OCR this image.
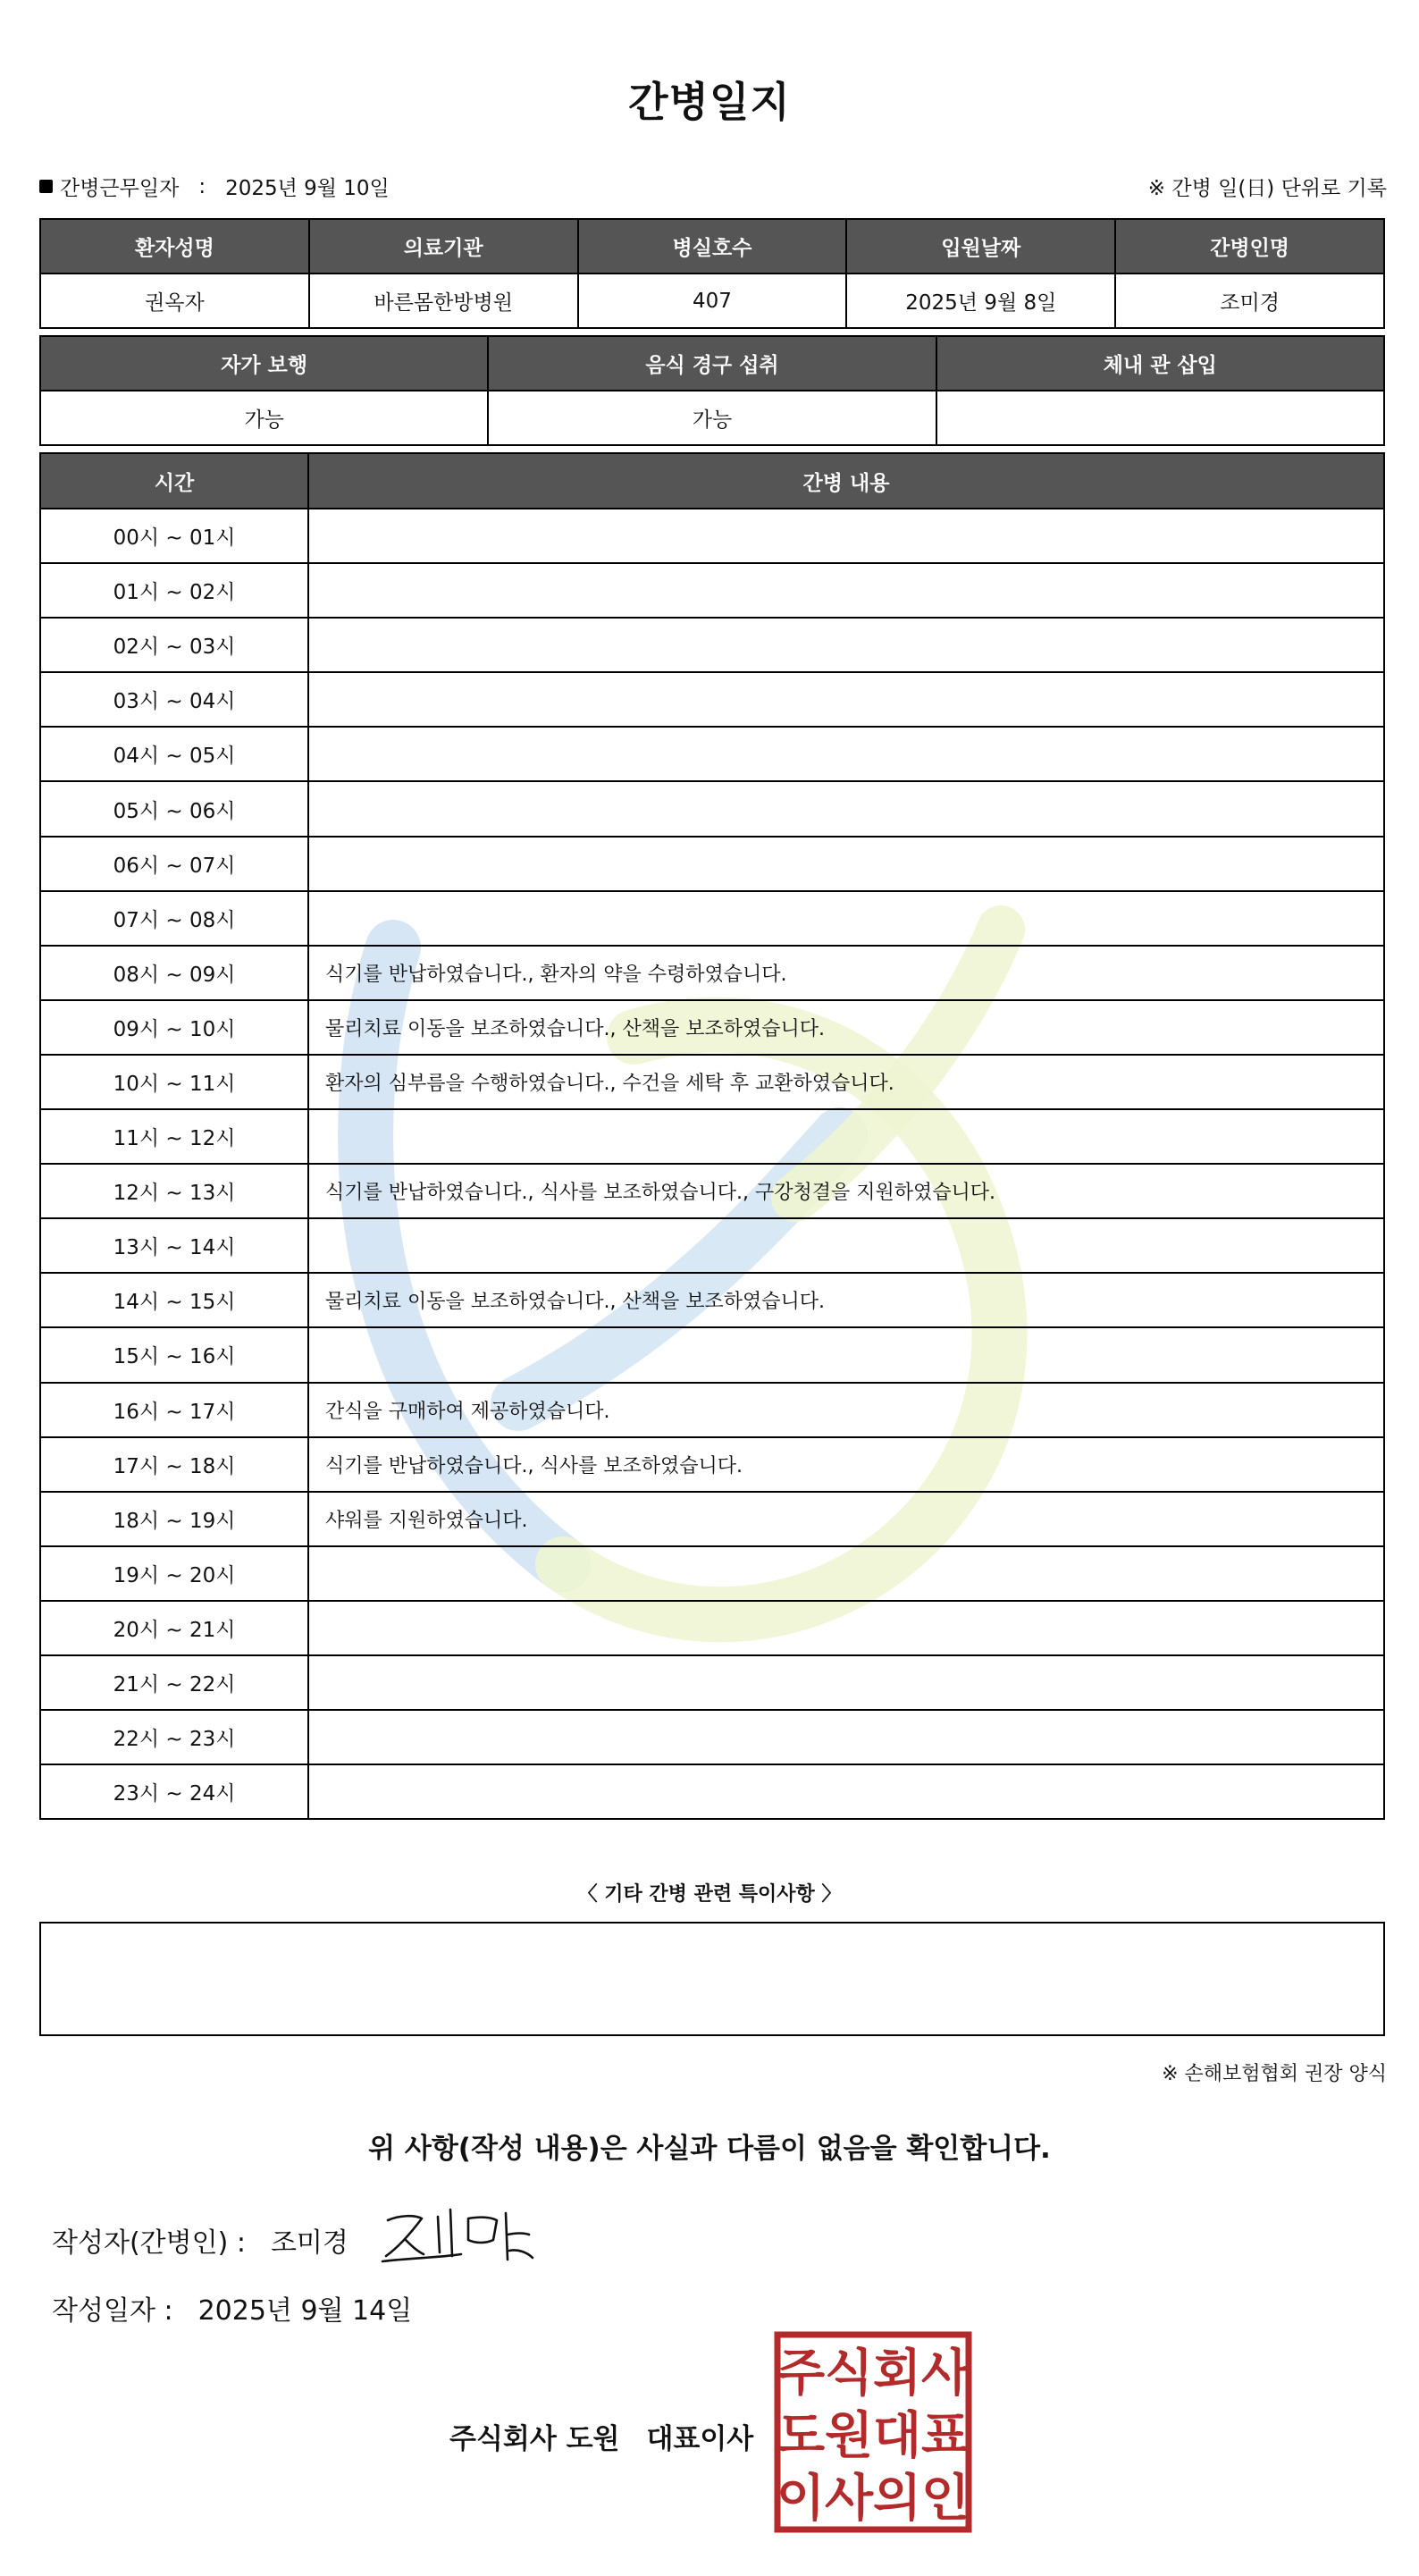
간병일지
간병근무일자 : 2025년 9월 10일	※ 간병 일(日) 단위로 기록
환자성명	의료기관	병실호수	입원날짜	간병인명
권옥자	바른몸한방병원	407	2025년 9월 8일	조미경
자가 보행	음식 경구 섭취	체내 관 삽입
가능	가능	
시간	간병 내용
00시 ~ 01시	
01시 ~ 02시	
02시 ~ 03시	
03시 ~ 04시	
04시 ~ 05시	
05시 ~ 06시	
06시 ~ 07시	
07시 ~ 08시	
08시 ~ 09시	식기를 반납하였습니다., 환자의 약을 수령하였습니다.
09시 ~ 10시	물리치료 이동을 보조하였습니다., 산책을 보조하였습니다.
10시 ~ 11시	환자의 심부름을 수행하였습니다., 수건을 세탁 후 교환하였습니다.
11시 ~ 12시	
12시 ~ 13시	식기를 반납하였습니다., 식사를 보조하였습니다., 구강청결을 지원하였습니다.
13시 ~ 14시	
14시 ~ 15시	물리치료 이동을 보조하였습니다., 산책을 보조하였습니다.
15시 ~ 16시	
16시 ~ 17시	간식을 구매하여 제공하였습니다.
17시 ~ 18시	식기를 반납하였습니다., 식사를 보조하였습니다.
18시 ~ 19시	샤워를 지원하였습니다.
19시 ~ 20시	
20시 ~ 21시	
21시 ~ 22시	
22시 ~ 23시	
23시 ~ 24시	
〈 기타 간병 관련 특이사항 〉
※ 손해보험협회 권장 양식
위 사항(작성 내용)은 사실과 다름이 없음을 확인합니다.
작성자(간병인) : 조미경
작성일자 : 2025년 9월 14일
주식회사 도원 대표이사
주 식 회 사
도 원 대 표
이 사 의 인
